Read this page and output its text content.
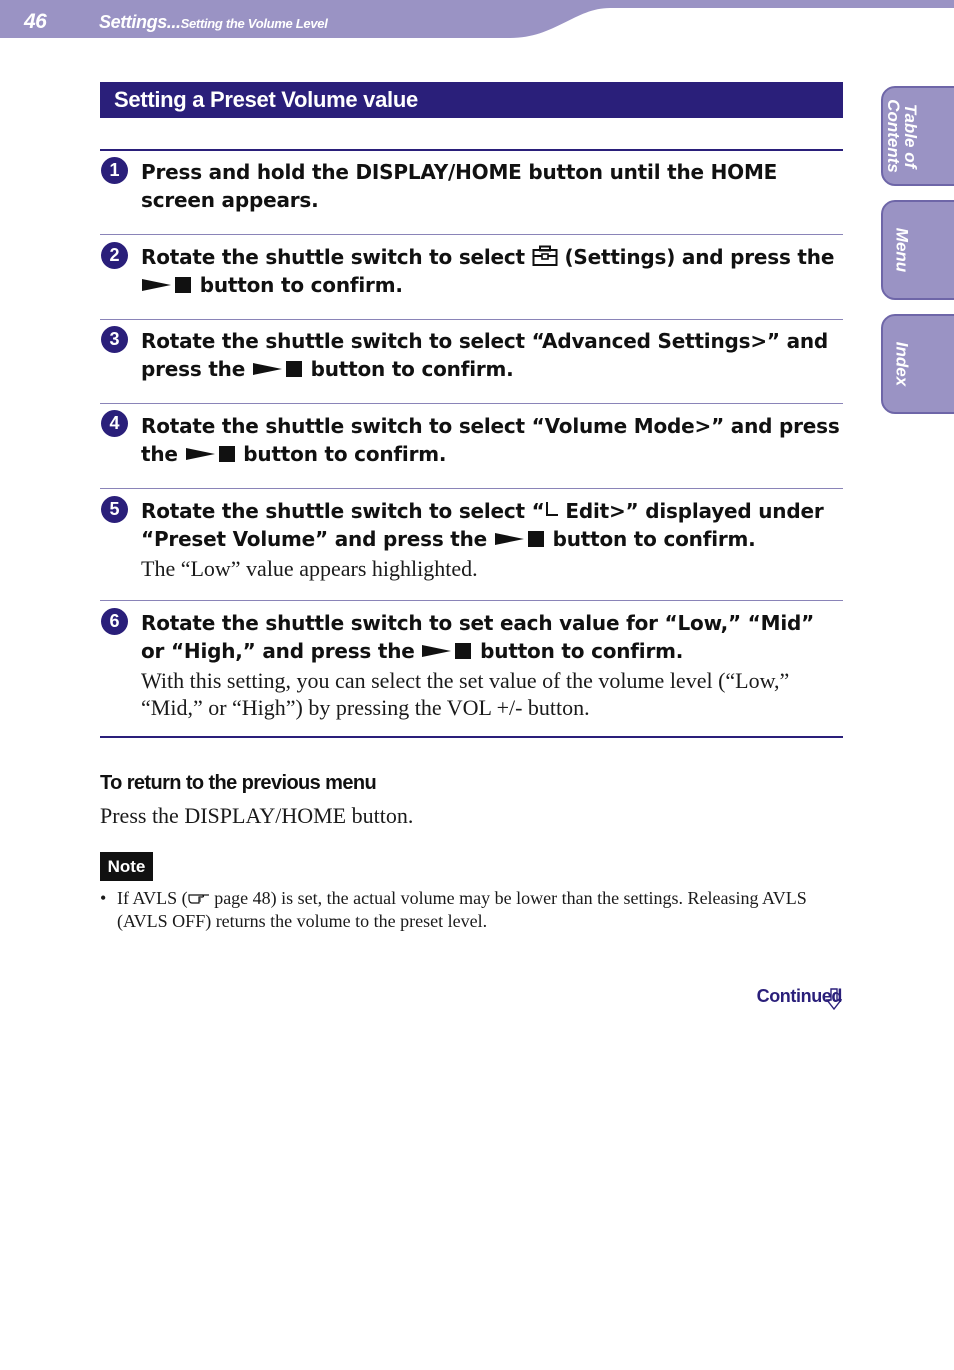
46	Settings...Setting the Volume Level
Table of
Contents
Menu
Index
Setting a Preset Volume value
1	Press and hold the DISPLAY/HOME button until the HOME screen appears.
2	Rotate the shuttle switch to select  (Settings) and press the  button to confirm.
3	Rotate the shuttle switch to select “Advanced Settings>” and press the	button to confirm.
4	Rotate the shuttle switch to select “Volume Mode>” and press the	button to confirm.
5	Rotate the shuttle switch to select “ Edit>” displayed under “Preset Volume” and press the	button to confirm.
The “Low” value appears highlighted.
6	Rotate the shuttle switch to set each value for “Low,” “Mid” or “High,” and press the	button to confirm.
With this setting, you can select the set value of the volume level (“Low,” “Mid,” or “High”) by pressing the VOL +/- button.
To return to the previous menu
Press the DISPLAY/HOME button.
Note
• If AVLS ( page 48) is set, the actual volume may be lower than the settings. Releasing AVLS (AVLS OFF) returns the volume to the preset level.
Continued
